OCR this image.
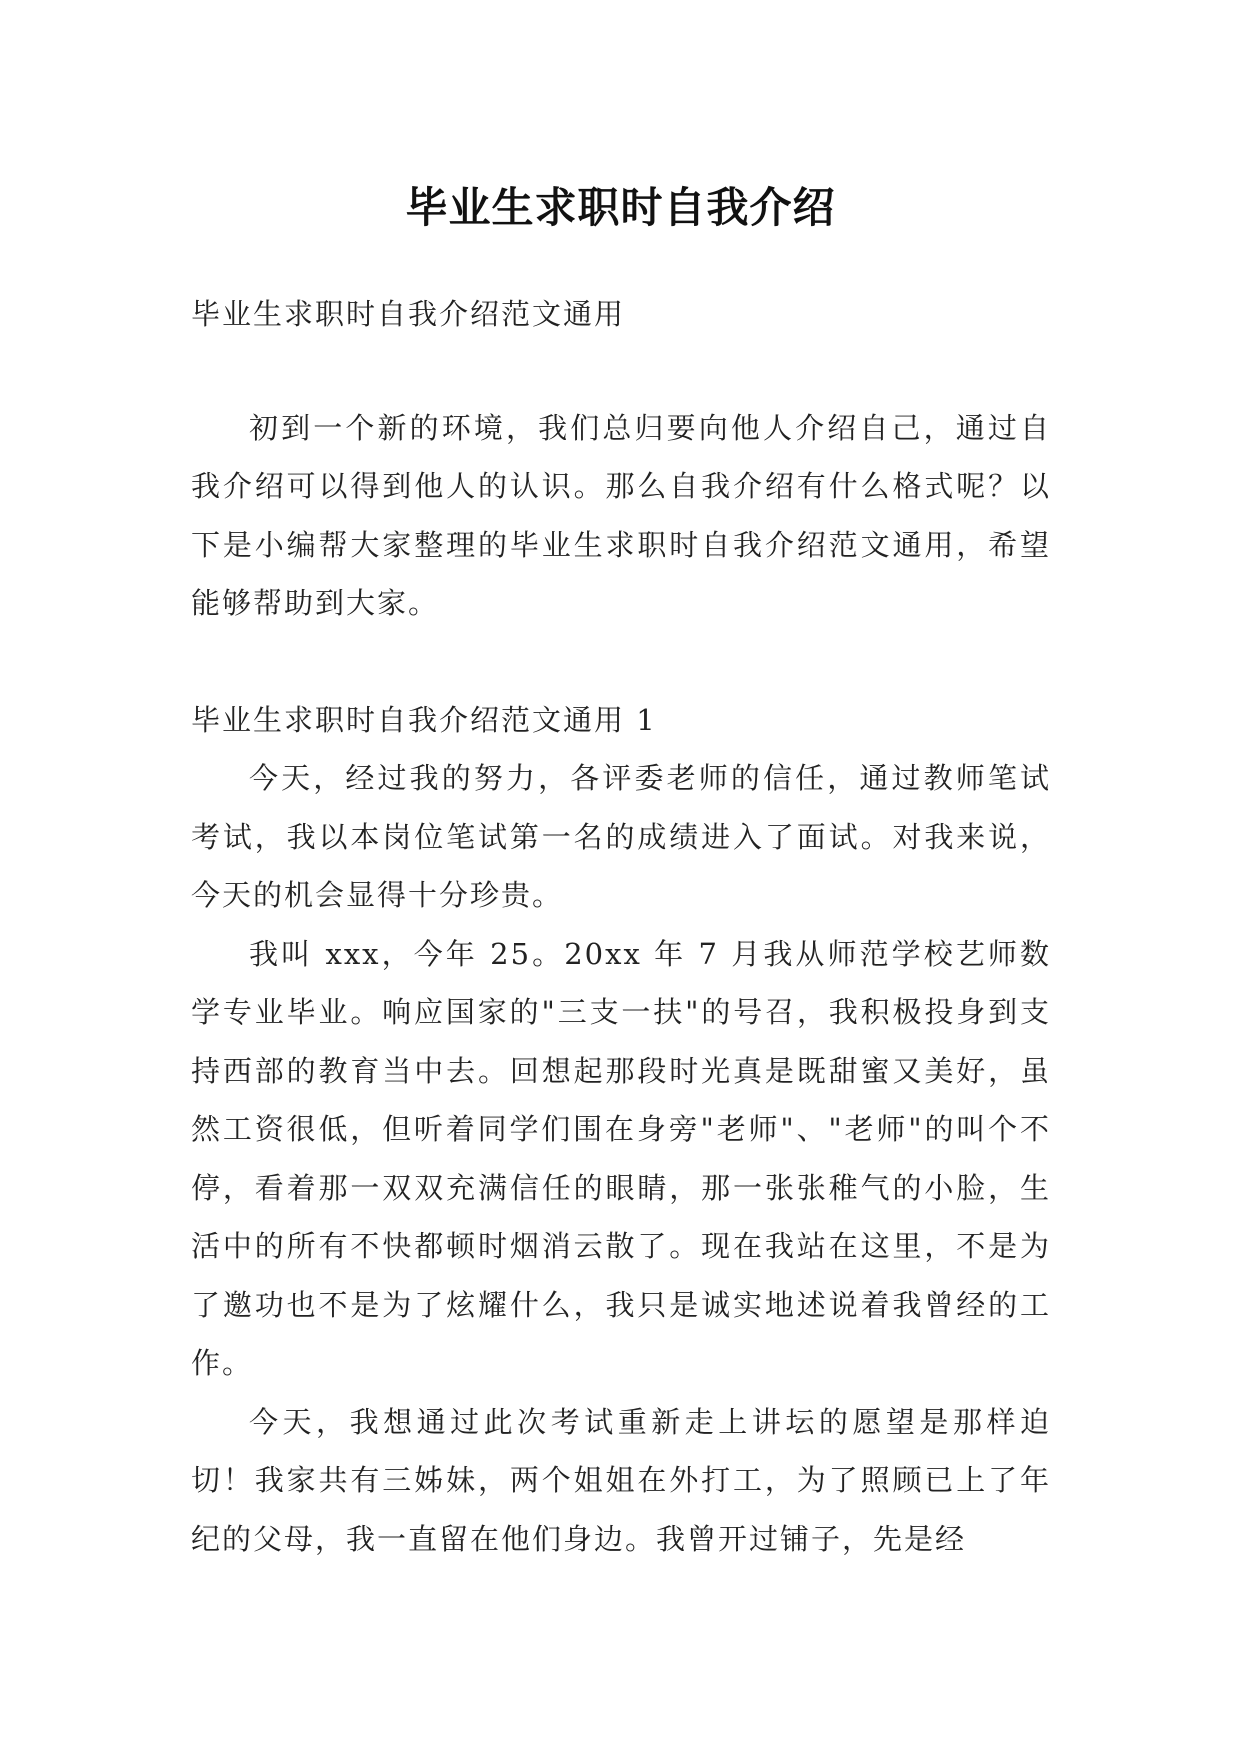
毕业生求职时自我介绍

毕业生求职时自我介绍范文通用

初到一个新的环境，我们总归要向他人介绍自己，通过自我介绍可以得到他人的认识。那么自我介绍有什么格式呢？以下是小编帮大家整理的毕业生求职时自我介绍范文通用，希望能够帮助到大家。

毕业生求职时自我介绍范文通用 1

今天，经过我的努力，各评委老师的信任，通过教师笔试考试，我以本岗位笔试第一名的成绩进入了面试。对我来说，今天的机会显得十分珍贵。

我叫 xxx，今年 25。20xx 年 7 月我从师范学校艺师数学专业毕业。响应国家的"三支一扶"的号召，我积极投身到支持西部的教育当中去。回想起那段时光真是既甜蜜又美好，虽然工资很低，但听着同学们围在身旁"老师"、"老师"的叫个不停，看着那一双双充满信任的眼睛，那一张张稚气的小脸，生活中的所有不快都顿时烟消云散了。现在我站在这里，不是为了邀功也不是为了炫耀什么，我只是诚实地述说着我曾经的工作。

今天，我想通过此次考试重新走上讲坛的愿望是那样迫切！我家共有三姊妹，两个姐姐在外打工，为了照顾已上了年纪的父母，我一直留在他们身边。我曾开过铺子，先是经
